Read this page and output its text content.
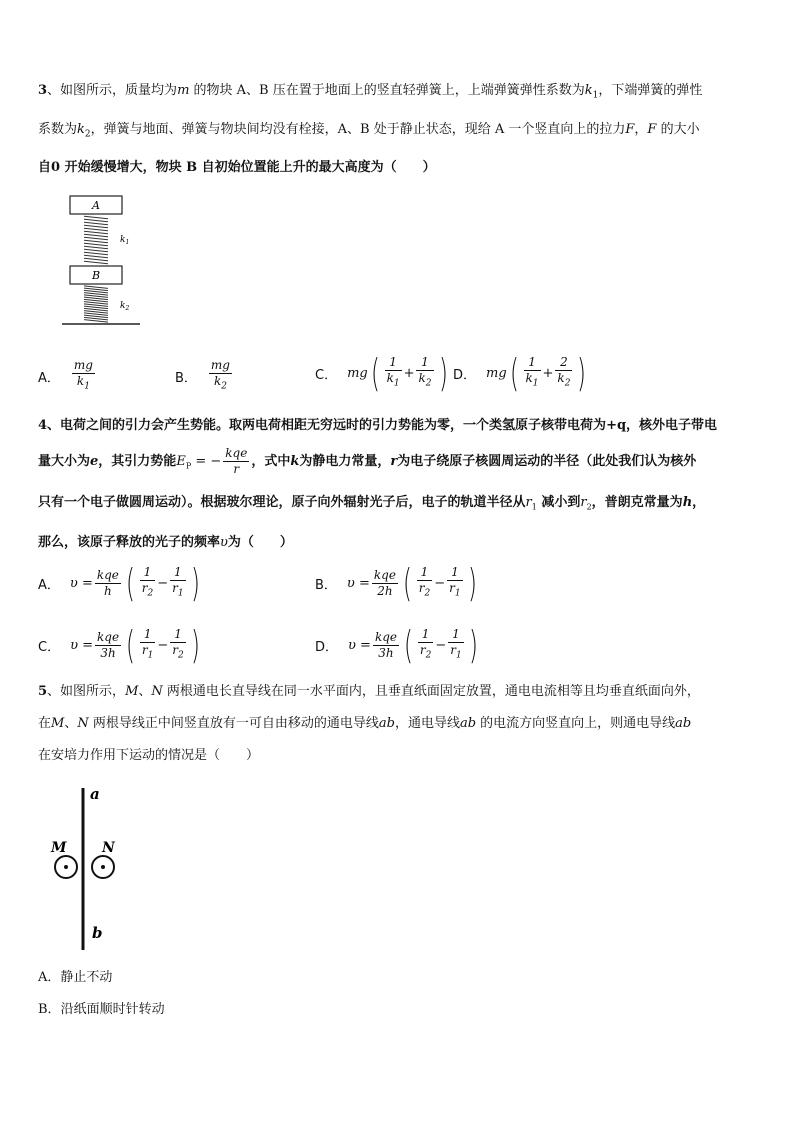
3、如图所示，质量均为m 的物块 A、B 压在置于地面上的竖直轻弹簧上，上端弹簧弹性系数为$k_1$，下端弹簧的弹性

系数为$k_2$，弹簧与地面、弹簧与物块间均没有栓接，A、B 处于静止状态，现给 A 一个竖直向上的拉力F，F 的大小

自0 开始缓慢增大，物块 B 自初始位置能上升的最大高度为（　　）

A
$k_1$
B
$k_2$
A． $\frac{mg}{k_1}$	B． $\frac{mg}{k_2}$	C． mg ( $\frac{1}{k_1} + \frac{1}{k_2}$ ) D． mg ( $\frac{1}{k_1} + \frac{2}{k_2}$ )

4、电荷之间的引力会产生势能。取两电荷相距无穷远时的引力势能为零，一个类氢原子核带电荷为+q，核外电子带电

量大小为e，其引力势能$E_P$ = − $\frac{\text{kqe}}{r}$ ，式中k为静电力常量，r为电子绕原子核圆周运动的半径（此处我们认为核外

只有一个电子做圆周运动）。根据玻尔理论，原子向外辐射光子后，电子的轨道半径从$r_1$ 减小到$r_2$，普朗克常量为h，

那么，该原子释放的光子的频率υ为（　　）

A． $\upsilon = \frac{\text{kqe}}{h}$ ( $\frac{1}{r_2} - \frac{1}{r_1}$ )	B． $\upsilon = \frac{\text{kqe}}{2h}$ ( $\frac{1}{r_2} - \frac{1}{r_1}$ )
C． $\upsilon = \frac{\text{kqe}}{3h}$ ( $\frac{1}{r_1} - \frac{1}{r_2}$ )	D． $\upsilon = \frac{\text{kqe}}{3h}$ ( $\frac{1}{r_2} - \frac{1}{r_1}$ )

5、如图所示，M、N 两根通电长直导线在同一水平面内，且垂直纸面固定放置，通电电流相等且均垂直纸面向外，

在M、N 两根导线正中间竖直放有一可自由移动的通电导线ab，通电导线ab 的电流方向竖直向上，则通电导线ab

在安培力作用下运动的情况是（　　）

a
b
M	N
A．静止不动
B．沿纸面顺时针转动
